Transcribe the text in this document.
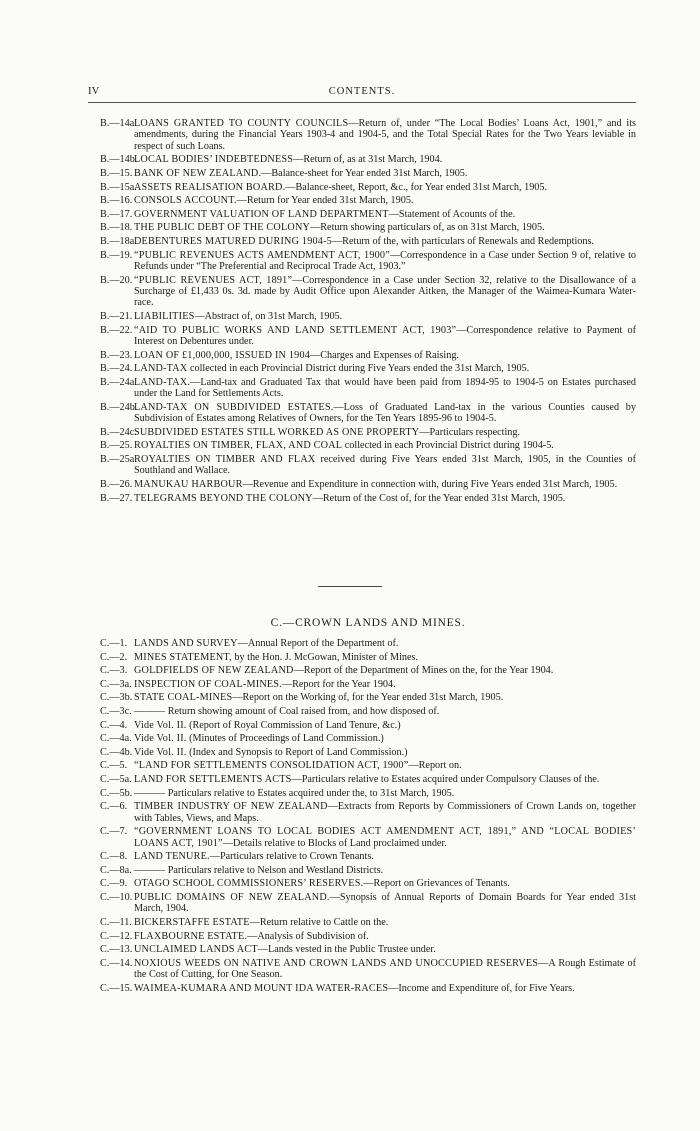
IV	CONTENTS.
B.—14a.
LOANS GRANTED TO COUNTY COUNCILS—Return of, under “The Local Bodies’ Loans Act, 1901,” and its amendments, during the Financial Years 1903-4 and 1904-5, and the Total Special Rates for the Two Years leviable in respect of such Loans.
B.—14b.
LOCAL BODIES’ INDEBTEDNESS—Return of, as at 31st March, 1904.
B.—15. BANK OF NEW ZEALAND.—Balance-sheet for Year ended 31st March, 1905.
B.—15a.
ASSETS REALISATION BOARD.—Balance-sheet, Report, &c., for Year ended 31st March, 1905.
B.—16. CONSOLS ACCOUNT.—Return for Year ended 31st March, 1905.
B.—17. GOVERNMENT VALUATION OF LAND DEPARTMENT—Statement of Acounts of the.
B.—18. THE PUBLIC DEBT OF THE COLONY—Return showing particulars of, as on 31st March, 1905.
B.—18a.
DEBENTURES MATURED DURING 1904-5—Return of the, with particulars of Renewals and Redemptions.
B.—19. “PUBLIC REVENUES ACTS AMENDMENT ACT, 1900”—Correspondence in a Case under Section 9 of, relative to Refunds under “The Preferential and Reciprocal Trade Act, 1903.”
B.—20. “PUBLIC REVENUES ACT, 1891”—Correspondence in a Case under Section 32, relative to the Disallowance of a Surcharge of £1,433 0s. 3d. made by Audit Office upon Alexander Aitken, the Manager of the Waimea-Kumara Water-race.
B.—21. LIABILITIES—Abstract of, on 31st March, 1905.
B.—22. “AID TO PUBLIC WORKS AND LAND SETTLEMENT ACT, 1903”—Correspondence relative to Payment of Interest on Debentures under.
B.—23. LOAN OF £1,000,000, ISSUED IN 1904—Charges and Expenses of Raising.
B.—24. LAND-TAX collected in each Provincial District during Five Years ended the 31st March, 1905.
B.—24a.
LAND-TAX.—Land-tax and Graduated Tax that would have been paid from 1894-95 to 1904-5 on Estates purchased under the Land for Settlements Acts.
B.—24b.
LAND-TAX ON SUBDIVIDED ESTATES.—Loss of Graduated Land-tax in the various Counties caused by Subdivision of Estates among Relatives of Owners, for the Ten Years 1895-96 to 1904-5.
B.—24c.
SUBDIVIDED ESTATES STILL WORKED AS ONE PROPERTY—Particulars respecting.
B.—25. ROYALTIES ON TIMBER, FLAX, AND COAL collected in each Provincial District during 1904-5.
B.—25a.
ROYALTIES ON TIMBER AND FLAX received during Five Years ended 31st March, 1905, in the Counties of Southland and Wallace.
B.—26. MANUKAU HARBOUR—Revenue and Expenditure in connection with, during Five Years ended 31st March, 1905.
B.—27. TELEGRAMS BEYOND THE COLONY—Return of the Cost of, for the Year ended 31st March, 1905.
C.—CROWN LANDS AND MINES.
C.—1. LANDS AND SURVEY—Annual Report of the Department of.
C.—2. MINES STATEMENT, by the Hon. J. McGowan, Minister of Mines.
C.—3. GOLDFIELDS OF NEW ZEALAND—Report of the Department of Mines on the, for the Year 1904.
C.—3a. INSPECTION OF COAL-MINES.—Report for the Year 1904.
C.—3b. STATE COAL-MINES—Report on the Working of, for the Year ended 31st March, 1905.
C.—3c. ——— Return showing amount of Coal raised from, and how disposed of.
C.—4. Vide Vol. II. (Report of Royal Commission of Land Tenure, &c.)
C.—4a. Vide Vol. II. (Minutes of Proceedings of Land Commission.)
C.—4b. Vide Vol. II. (Index and Synopsis to Report of Land Commission.)
C.—5. “LAND FOR SETTLEMENTS CONSOLIDATION ACT, 1900”—Report on.
C.—5a. LAND FOR SETTLEMENTS ACTS—Particulars relative to Estates acquired under Compulsory Clauses of the.
C.—5b. ——— Particulars relative to Estates acquired under the, to 31st March, 1905.
C.—6. TIMBER INDUSTRY OF NEW ZEALAND—Extracts from Reports by Commissioners of Crown Lands on, together with Tables, Views, and Maps.
C.—7. “GOVERNMENT LOANS TO LOCAL BODIES ACT AMENDMENT ACT, 1891,” AND “LOCAL BODIES’ LOANS ACT, 1901”—Details relative to Blocks of Land proclaimed under.
C.—8. LAND TENURE.—Particulars relative to Crown Tenants.
C.—8a. ——— Particulars relative to Nelson and Westland Districts.
C.—9. OTAGO SCHOOL COMMISSIONERS’ RESERVES.—Report on Grievances of Tenants.
C.—10. PUBLIC DOMAINS OF NEW ZEALAND.—Synopsis of Annual Reports of Domain Boards for Year ended 31st March, 1904.
C.—11. BICKERSTAFFE ESTATE—Return relative to Cattle on the.
C.—12. FLAXBOURNE ESTATE.—Analysis of Subdivision of.
C.—13. UNCLAIMED LANDS ACT—Lands vested in the Public Trustee under.
C.—14. NOXIOUS WEEDS ON NATIVE AND CROWN LANDS AND UNOCCUPIED RESERVES—A Rough Estimate of the Cost of Cutting, for One Season.
C.—15. WAIMEA-KUMARA AND MOUNT IDA WATER-RACES—Income and Expenditure of, for Five Years.
